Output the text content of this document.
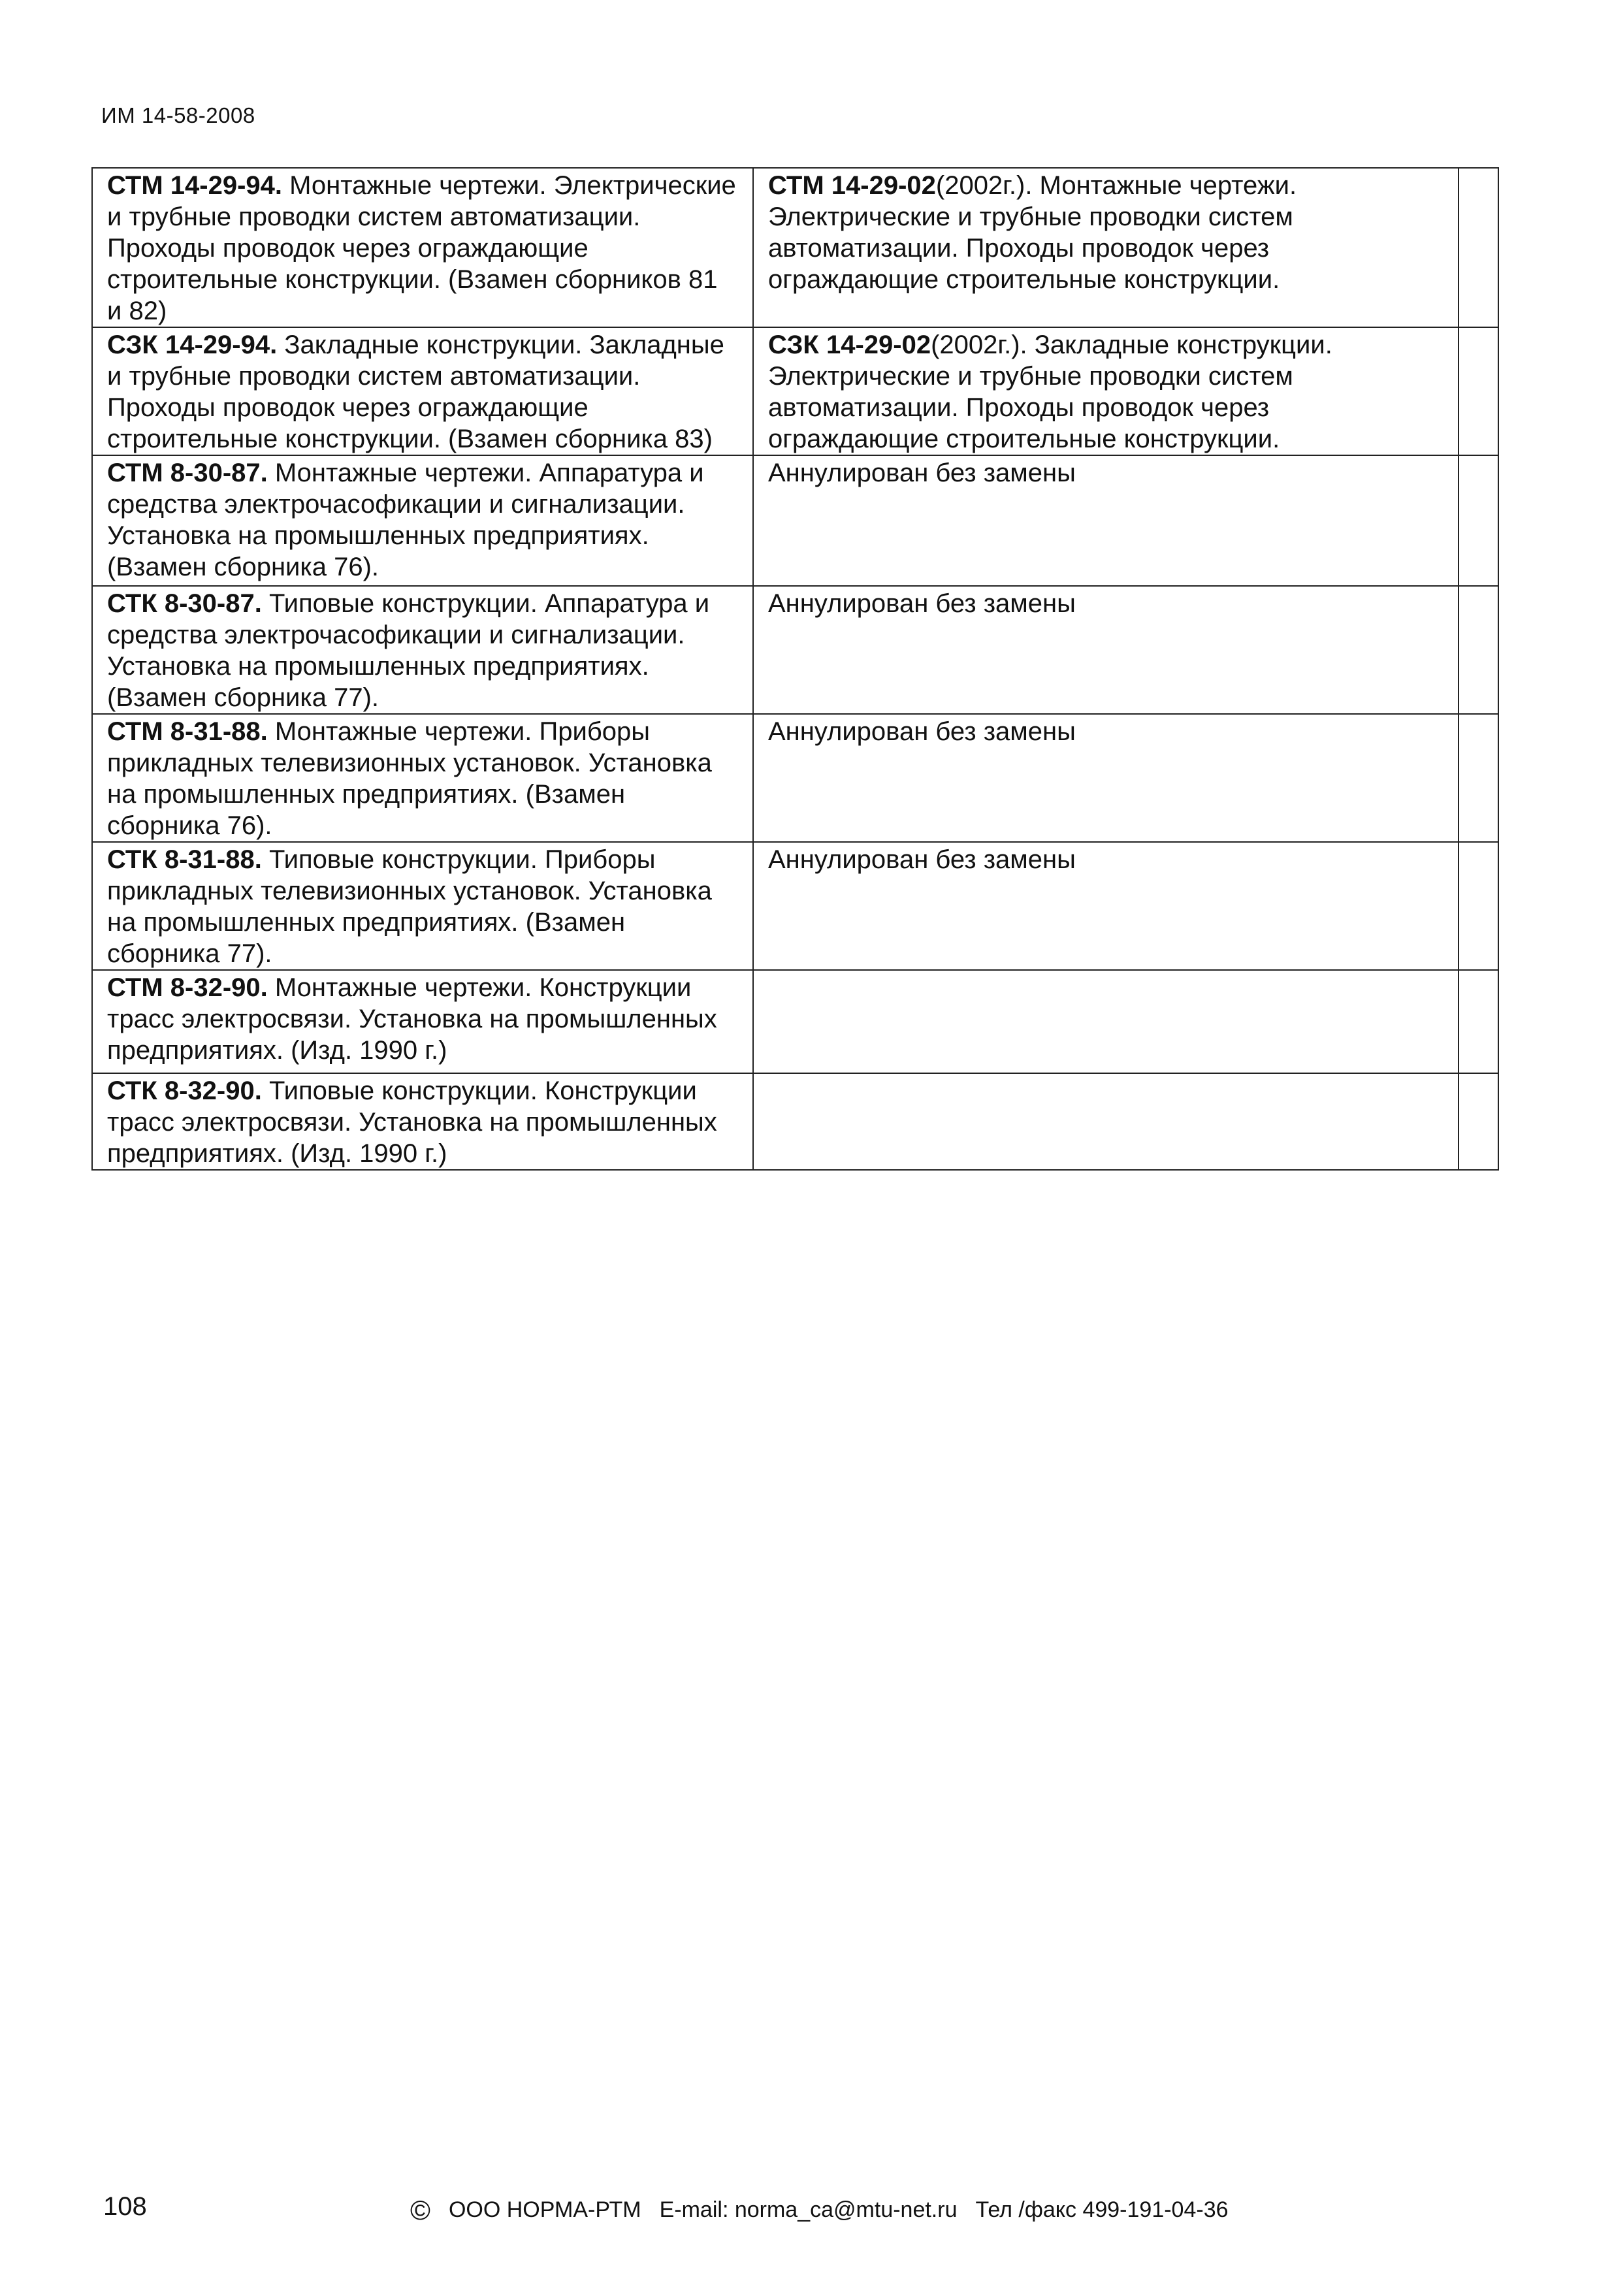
ИМ 14-58-2008
СТМ 14-29-94. Монтажные чертежи. Электрические и трубные проводки систем автоматизации. Проходы проводок через ограждающие строительные конструкции. (Взамен сборников 81 и 82)	СТМ 14-29-02(2002г.). Монтажные чертежи. Электрические и трубные проводки систем автоматизации. Проходы проводок через ограждающие строительные конструкции.	
СЗК 14-29-94. Закладные конструкции. Закладные и трубные проводки систем автоматизации. Проходы проводок через ограждающие строительные конструкции. (Взамен сборника 83)	СЗК 14-29-02(2002г.). Закладные конструкции. Электрические и трубные проводки систем автоматизации. Проходы проводок через ограждающие строительные конструкции.	
СТМ 8-30-87. Монтажные чертежи. Аппаратура и средства электрочасофикации и сигнализации. Установка на промышленных предприятиях. (Взамен сборника 76).	Аннулирован без замены	
СТК 8-30-87. Типовые конструкции. Аппаратура и средства электрочасофикации и сигнализации. Установка на промышленных предприятиях. (Взамен сборника 77).	Аннулирован без замены	
СТМ 8-31-88. Монтажные чертежи. Приборы прикладных телевизионных установок. Установка на промышленных предприятиях. (Взамен сборника 76).	Аннулирован без замены	
СТК 8-31-88. Типовые конструкции. Приборы прикладных телевизионных установок. Установка на промышленных предприятиях. (Взамен сборника 77).	Аннулирован без замены	
СТМ 8-32-90. Монтажные чертежи. Конструкции трасс электросвязи. Установка на промышленных предприятиях. (Изд. 1990 г.)		
СТК 8-32-90. Типовые конструкции. Конструкции трасс электросвязи. Установка на промышленных предприятиях. (Изд. 1990 г.)		
108	© ООО НОРМА-РТМ E-mail: norma_ca@mtu-net.ru Тел /факс 499-191-04-36
